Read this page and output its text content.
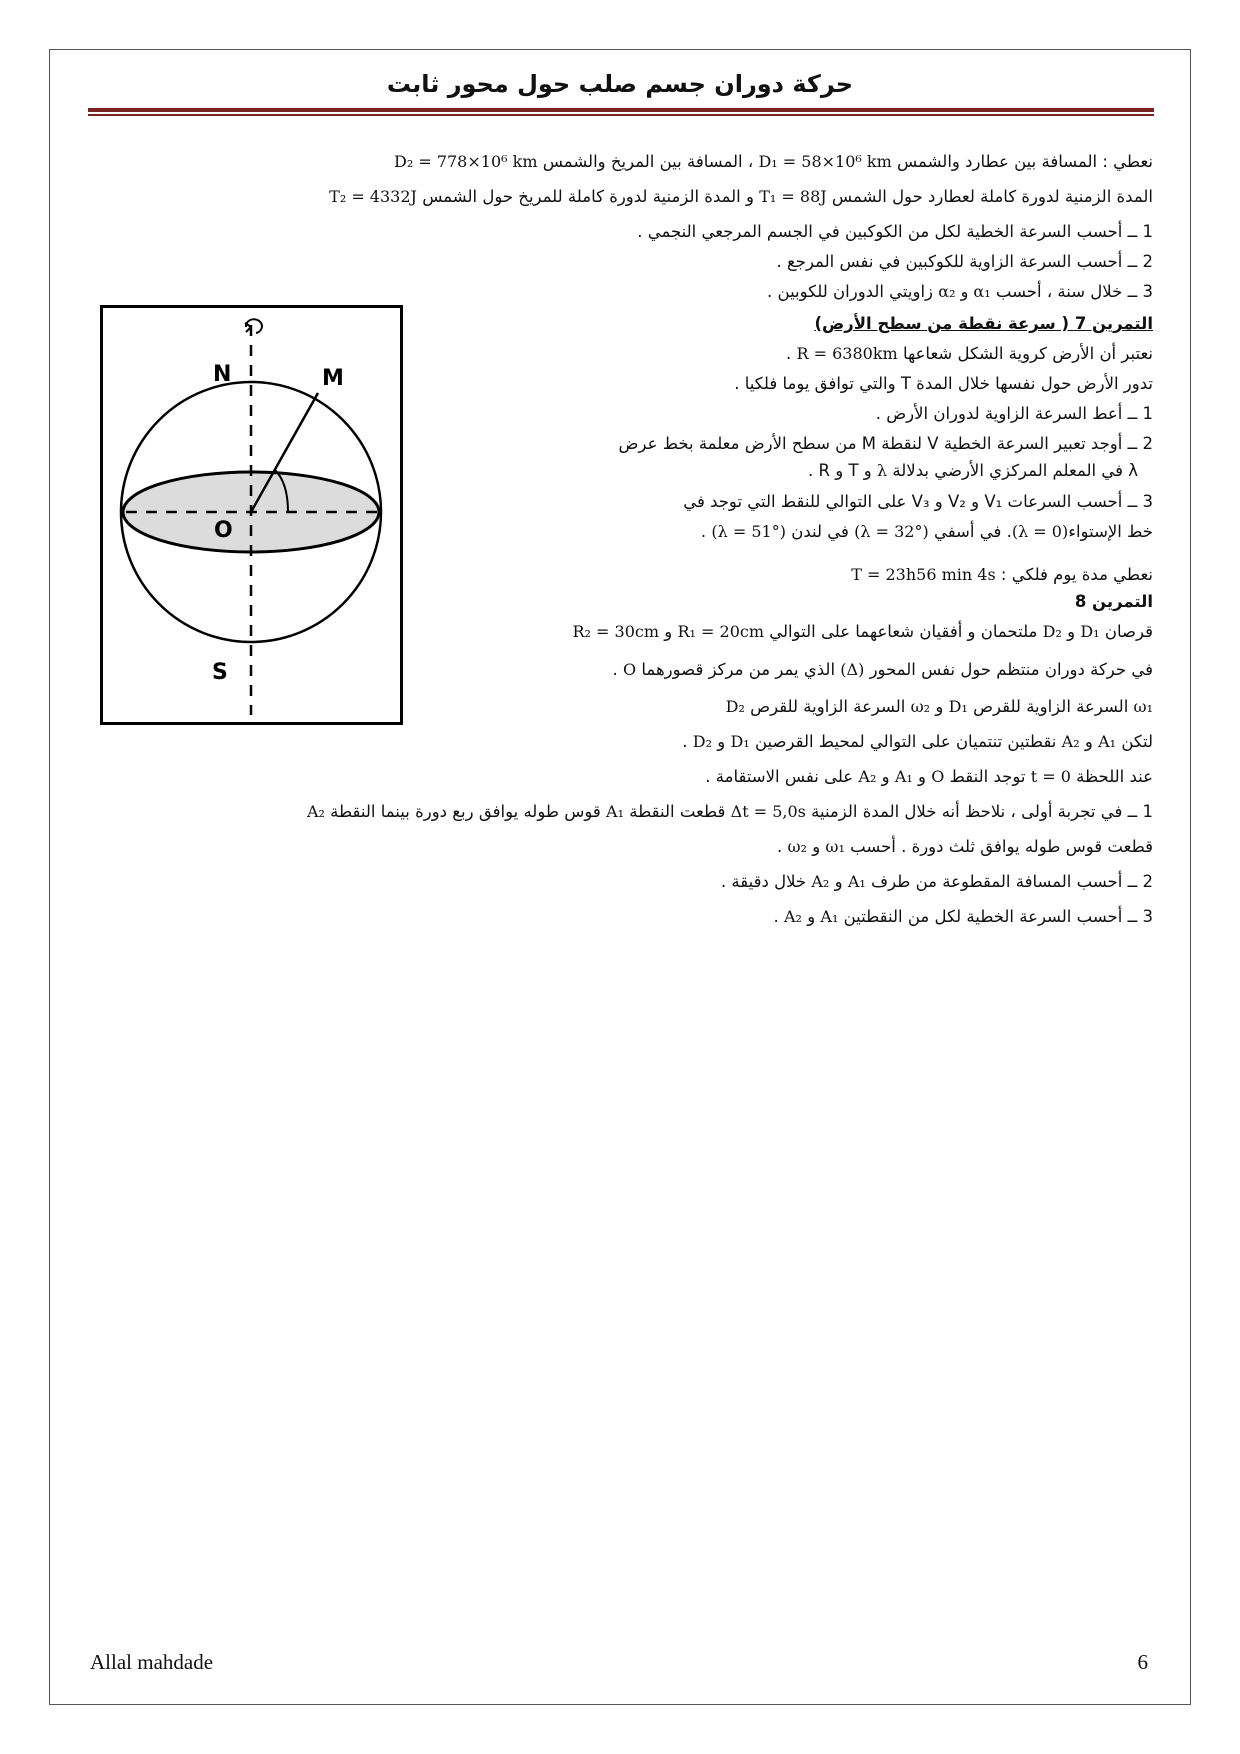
حركة دوران جسم صلب حول محور ثابت
نعطي : المسافة بين عطارد والشمس D₁ = 58×10⁶ km ، المسافة بين المريخ والشمس D₂ = 778×10⁶ km
المدة الزمنية لدورة كاملة لعطارد حول الشمس T₁ = 88J و المدة الزمنية لدورة كاملة للمريخ حول الشمس T₂ = 4332J
1 ــ أحسب السرعة الخطية لكل من الكوكبين في الجسم المرجعي النجمي .
2 ــ أحسب السرعة الزاوية للكوكبين في نفس المرجع .
3 ــ خلال سنة ، أحسب α₂ و α₁ زاويتي الدوران للكوبين .
التمرين 7 ( سرعة نقطة من سطح الأرض)
نعتبر أن الأرض كروية الشكل شعاعها R = 6380km .
تدور الأرض حول نفسها خلال المدة T والتي توافق يوما فلكيا .
1 ــ أعط السرعة الزاوية لدوران الأرض .
2 ــ أوجد تعبير السرعة الخطية V لنقطة M من سطح الأرض معلمة بخط عرض
λ في المعلم المركزي الأرضي بدلالة λ و T و R .
3 ــ أحسب السرعات V₁ و V₂ و V₃ على التوالي للنقط التي توجد في
خط الإستواء(λ = 0). في أسفي (λ = 32°) في لندن (λ = 51°) .
نعطي مدة يوم فلكي : T = 23h56 min 4s
التمرين 8
قرصان D₁ و D₂ ملتحمان و أفقيان شعاعهما على التوالي R₁ = 20cm و R₂ = 30cm
في حركة دوران منتظم حول نفس المحور (Δ) الذي يمر من مركز قصورهما O .
ω₁ السرعة الزاوية للقرص D₁ و ω₂ السرعة الزاوية للقرص D₂
لتكن A₁ و A₂ نقطتين تنتميان على التوالي لمحيط القرصين D₁ و D₂ .
عند اللحظة t = 0 توجد النقط O و A₁ و A₂ على نفس الاستقامة .
1 ــ في تجربة أولى ، نلاحظ أنه خلال المدة الزمنية Δt = 5,0s قطعت النقطة A₁ قوس طوله يوافق ربع دورة بينما النقطة A₂
قطعت قوس طوله يوافق ثلث دورة . أحسب ω₁ و ω₂ .
2 ــ أحسب المسافة المقطوعة من طرف A₁ و A₂ خلال دقيقة .
3 ــ أحسب السرعة الخطية لكل من النقطتين A₁ و A₂ .
N	M
O
S
Allal mahdade	6
